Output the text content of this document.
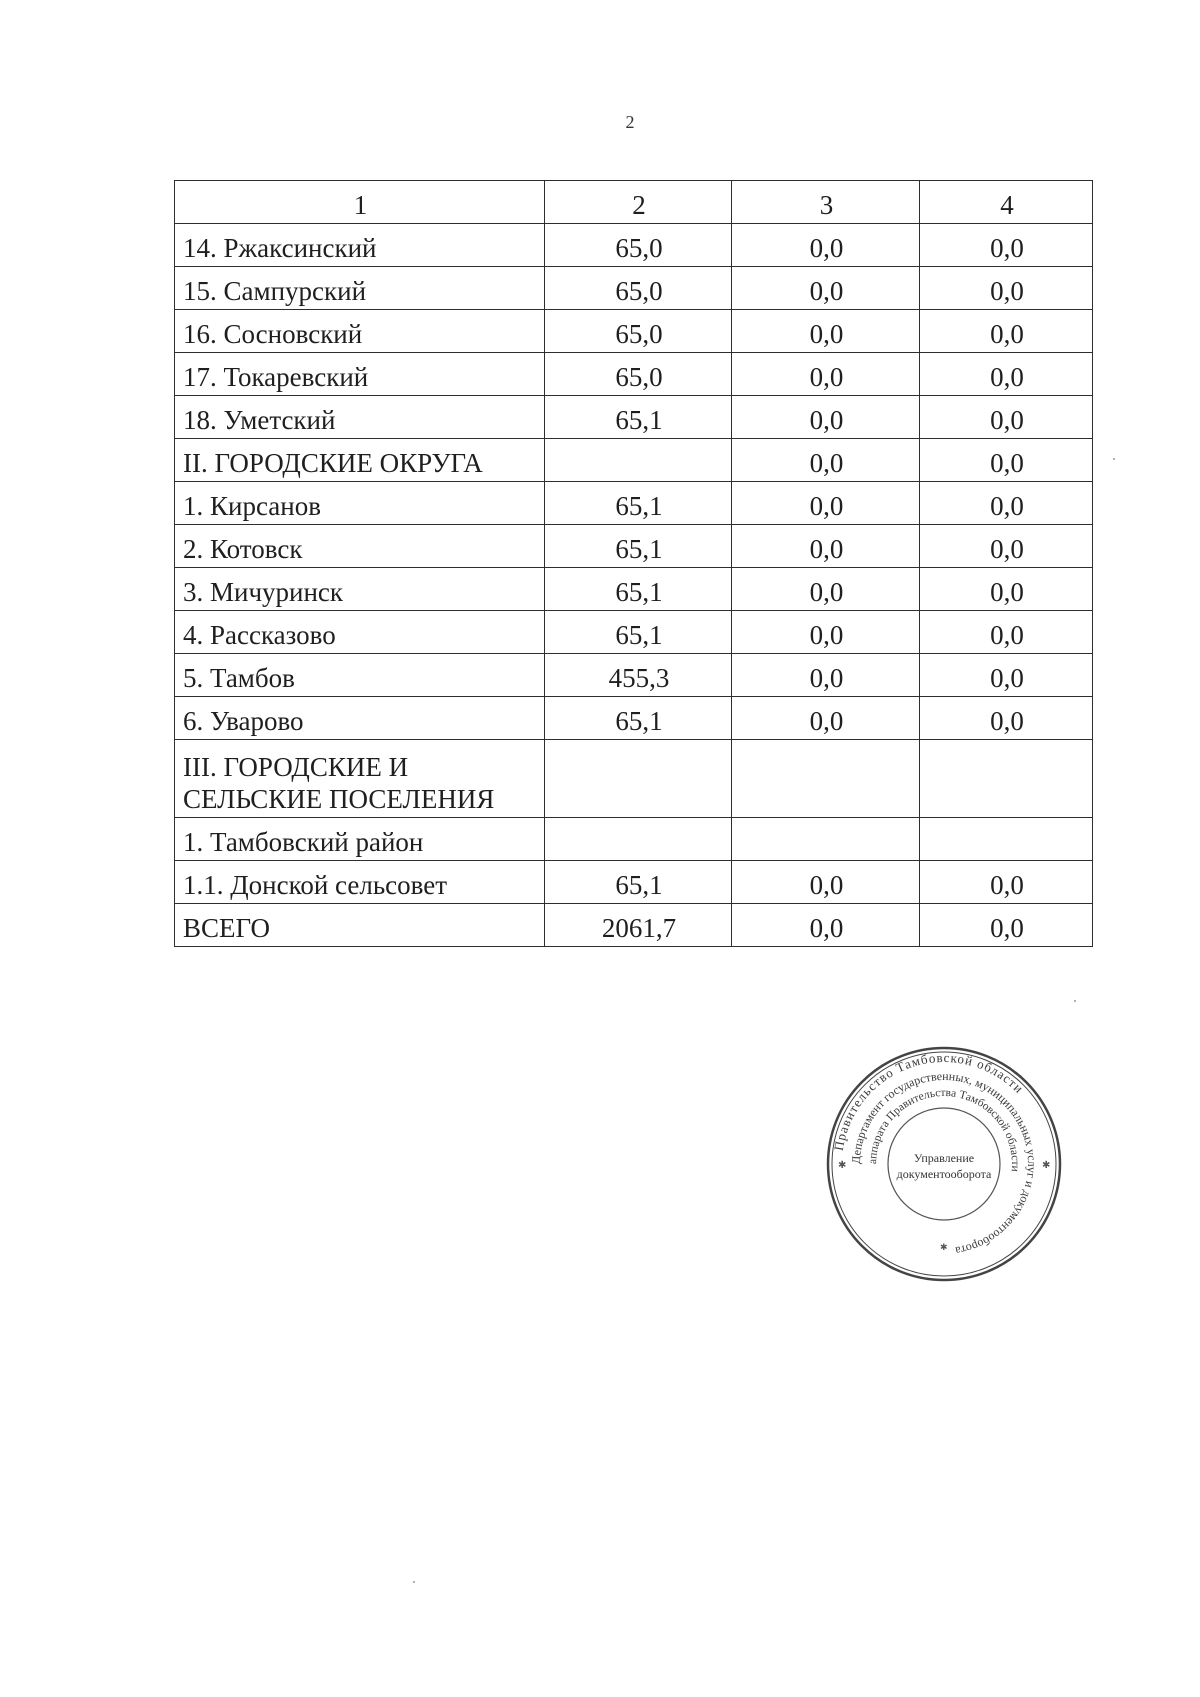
2
1	2	3	4
14. Ржаксинский	65,0	0,0	0,0
15. Сампурский	65,0	0,0	0,0
16. Сосновский	65,0	0,0	0,0
17. Токаревский	65,0	0,0	0,0
18. Уметский	65,1	0,0	0,0
II. ГОРОДСКИЕ ОКРУГА		0,0	0,0
1. Кирсанов	65,1	0,0	0,0
2. Котовск	65,1	0,0	0,0
3. Мичуринск	65,1	0,0	0,0
4. Рассказово	65,1	0,0	0,0
5. Тамбов	455,3	0,0	0,0
6. Уварово	65,1	0,0	0,0
III. ГОРОДСКИЕ И СЕЛЬСКИЕ ПОСЕЛЕНИЯ			
1. Тамбовский район			
1.1. Донской сельсовет	65,1	0,0	0,0
ВСЕГО	2061,7	0,0	0,0
Правительство Тамбовской области
Департамент государственных, муниципальных услуг и документооборота
аппарата Правительства Тамбовской области
Управление
документооборота
✱	✱
✱
